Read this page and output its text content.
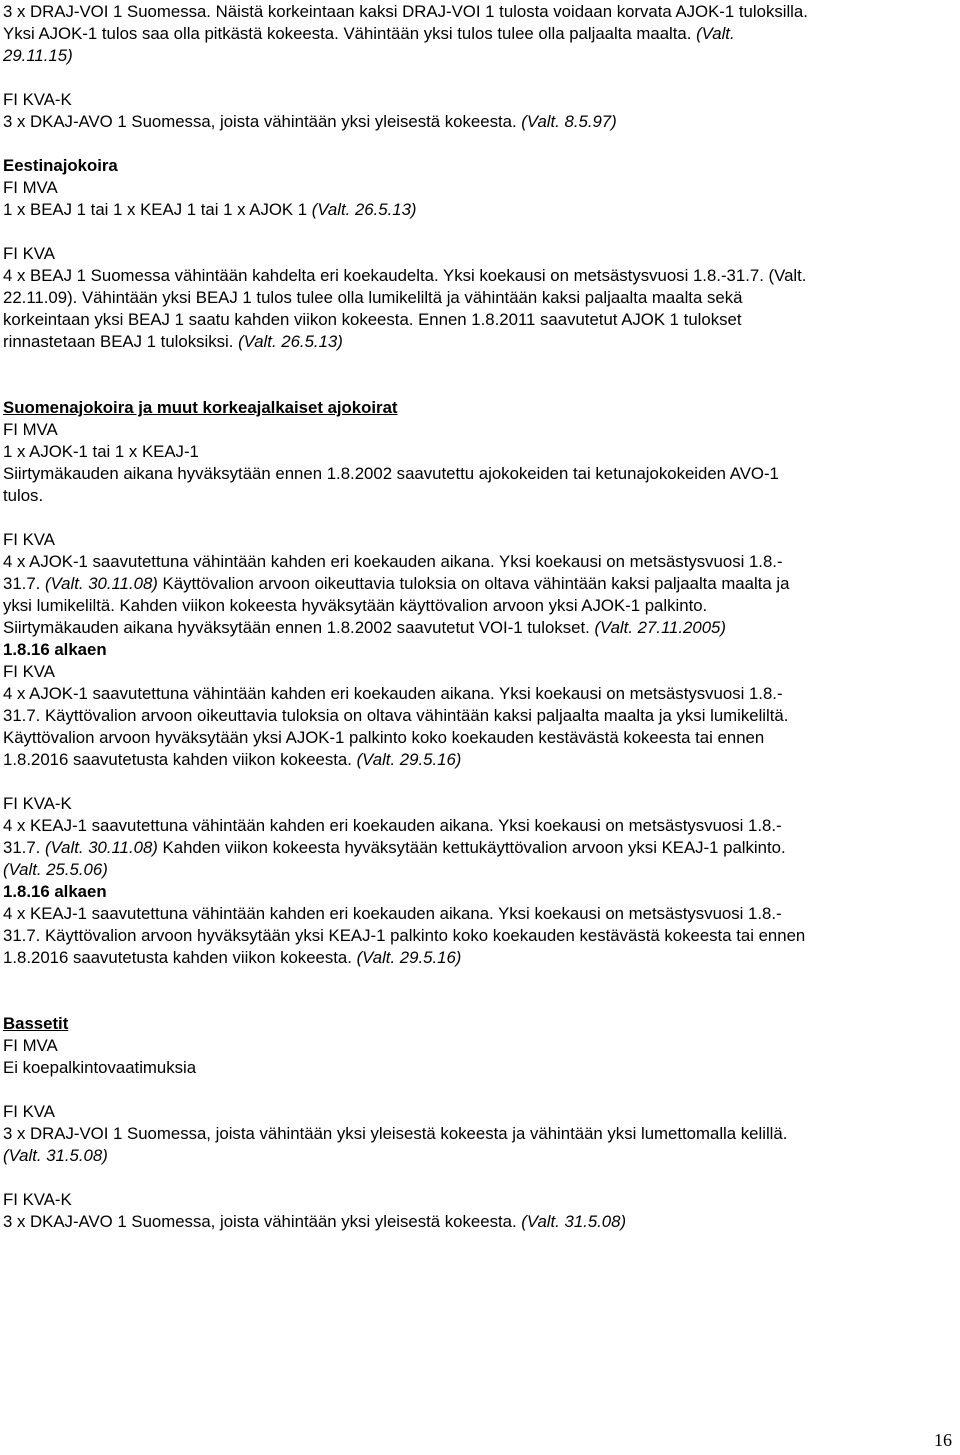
3 x DRAJ-VOI 1 Suomessa. Näistä korkeintaan kaksi DRAJ-VOI 1 tulosta voidaan korvata AJOK-1 tuloksilla.
Yksi AJOK-1 tulos saa olla pitkästä kokeesta. Vähintään yksi tulos tulee olla paljaalta maalta. (Valt.
29.11.15)
FI KVA-K
3 x DKAJ-AVO 1 Suomessa, joista vähintään yksi yleisestä kokeesta. (Valt. 8.5.97)
Eestinajokoira
FI MVA
1 x BEAJ 1 tai 1 x KEAJ 1 tai 1 x AJOK 1 (Valt. 26.5.13)
FI KVA
4 x BEAJ 1 Suomessa vähintään kahdelta eri koekaudelta. Yksi koekausi on metsästysvuosi 1.8.-31.7. (Valt.
22.11.09). Vähintään yksi BEAJ 1 tulos tulee olla lumikeliltä ja vähintään kaksi paljaalta maalta sekä
korkeintaan yksi BEAJ 1 saatu kahden viikon kokeesta. Ennen 1.8.2011 saavutetut AJOK 1 tulokset
rinnastetaan BEAJ 1 tuloksiksi. (Valt. 26.5.13)
Suomenajokoira ja muut korkeajalkaiset ajokoirat
FI MVA
1 x AJOK-1 tai 1 x KEAJ-1
Siirtymäkauden aikana hyväksytään ennen 1.8.2002 saavutettu ajokokeiden tai ketunajokokeiden AVO-1
tulos.
FI KVA
4 x AJOK-1 saavutettuna vähintään kahden eri koekauden aikana. Yksi koekausi on metsästysvuosi 1.8.-
31.7. (Valt. 30.11.08) Käyttövalion arvoon oikeuttavia tuloksia on oltava vähintään kaksi paljaalta maalta ja
yksi lumikeliltä. Kahden viikon kokeesta hyväksytään käyttövalion arvoon yksi AJOK-1 palkinto.
Siirtymäkauden aikana hyväksytään ennen 1.8.2002 saavutetut VOI-1 tulokset. (Valt. 27.11.2005)
1.8.16 alkaen
FI KVA
4 x AJOK-1 saavutettuna vähintään kahden eri koekauden aikana. Yksi koekausi on metsästysvuosi 1.8.-
31.7. Käyttövalion arvoon oikeuttavia tuloksia on oltava vähintään kaksi paljaalta maalta ja yksi lumikeliltä.
Käyttövalion arvoon hyväksytään yksi AJOK-1 palkinto koko koekauden kestävästä kokeesta tai ennen
1.8.2016 saavutetusta kahden viikon kokeesta. (Valt. 29.5.16)
FI KVA-K
4 x KEAJ-1 saavutettuna vähintään kahden eri koekauden aikana. Yksi koekausi on metsästysvuosi 1.8.-
31.7. (Valt. 30.11.08) Kahden viikon kokeesta hyväksytään kettukäyttövalion arvoon yksi KEAJ-1 palkinto.
(Valt. 25.5.06)
1.8.16 alkaen
4 x KEAJ-1 saavutettuna vähintään kahden eri koekauden aikana. Yksi koekausi on metsästysvuosi 1.8.-
31.7. Käyttövalion arvoon hyväksytään yksi KEAJ-1 palkinto koko koekauden kestävästä kokeesta tai ennen
1.8.2016 saavutetusta kahden viikon kokeesta. (Valt. 29.5.16)
Bassetit
FI MVA
Ei koepalkintovaatimuksia
FI KVA
3 x DRAJ-VOI 1 Suomessa, joista vähintään yksi yleisestä kokeesta ja vähintään yksi lumettomalla kelillä.
(Valt. 31.5.08)
FI KVA-K
3 x DKAJ-AVO 1 Suomessa, joista vähintään yksi yleisestä kokeesta. (Valt. 31.5.08)
16
